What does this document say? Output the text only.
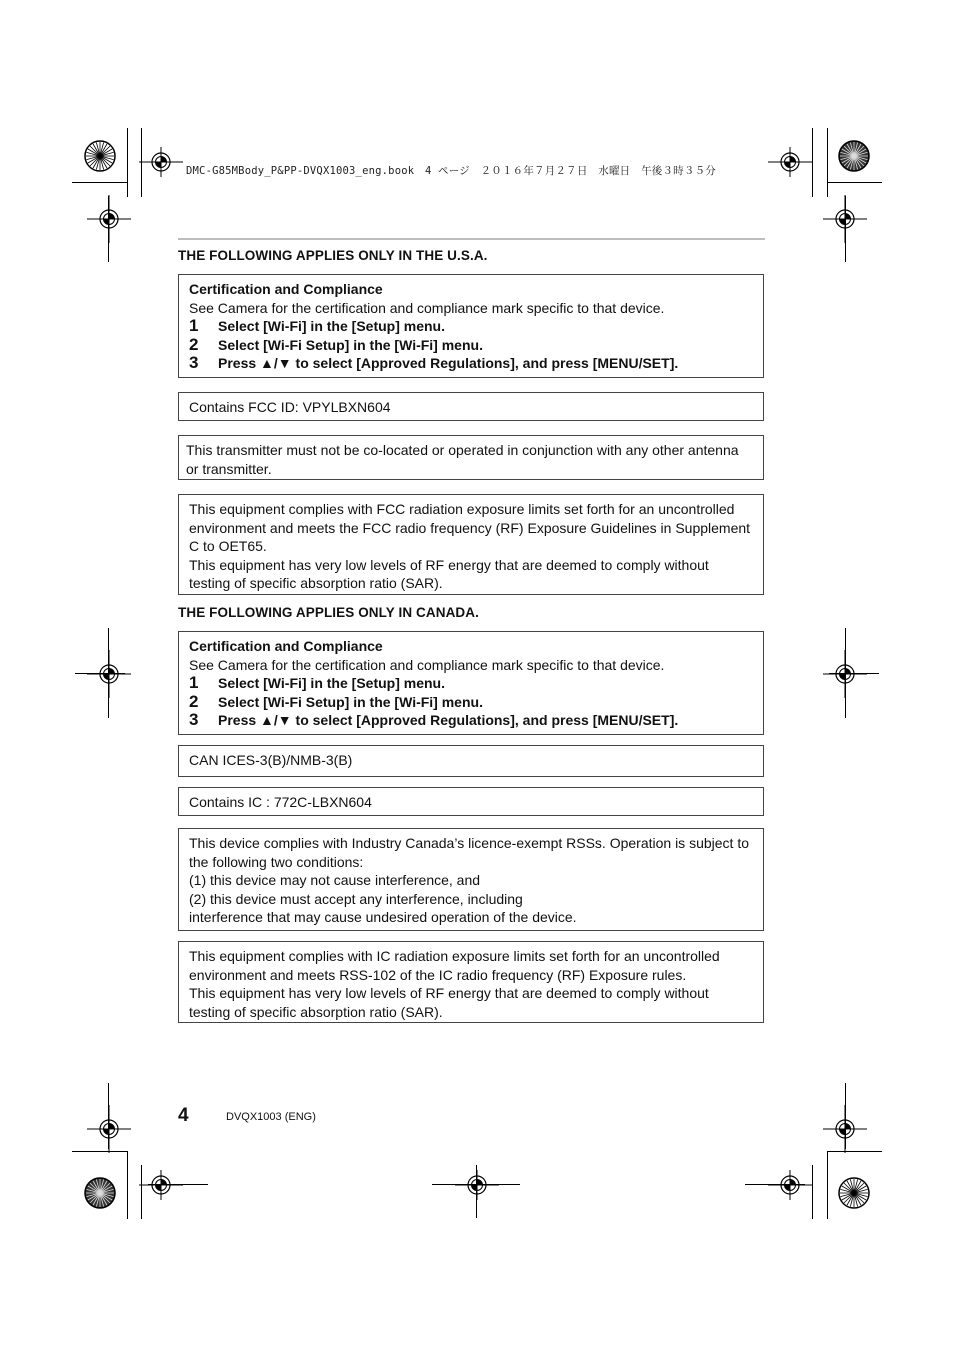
DMC-G85MBody_P&PP-DVQX1003_eng.book　4 ページ　２０１６年７月２７日　水曜日　午後３時３５分
THE FOLLOWING APPLIES ONLY IN THE U.S.A.
Certification and Compliance
See Camera for the certification and compliance mark specific to that device.
1	Select [Wi-Fi] in the [Setup] menu.
2	Select [Wi-Fi Setup] in the [Wi-Fi] menu.
3	Press ▲/▼ to select [Approved Regulations], and press [MENU/SET].
Contains FCC ID: VPYLBXN604
This transmitter must not be co-located or operated in conjunction with any other antenna or transmitter.

This equipment complies with FCC radiation exposure limits set forth for an uncontrolled environment and meets the FCC radio frequency (RF) Exposure Guidelines in Supplement C to OET65.

This equipment has very low levels of RF energy that are deemed to comply without testing of specific absorption ratio (SAR).

THE FOLLOWING APPLIES ONLY IN CANADA.
Certification and Compliance
See Camera for the certification and compliance mark specific to that device.
1	Select [Wi-Fi] in the [Setup] menu.
2	Select [Wi-Fi Setup] in the [Wi-Fi] menu.
3	Press ▲/▼ to select [Approved Regulations], and press [MENU/SET].
CAN ICES-3(B)/NMB-3(B)
Contains IC : 772C-LBXN604
This device complies with Industry Canada’s licence-exempt RSSs. Operation is subject to the following two conditions:
(1) this device may not cause interference, and
(2) this device must accept any interference, including
interference that may cause undesired operation of the device.

This equipment complies with IC radiation exposure limits set forth for an uncontrolled environment and meets RSS-102 of the IC radio frequency (RF) Exposure rules.

This equipment has very low levels of RF energy that are deemed to comply without testing of specific absorption ratio (SAR).

4	DVQX1003 (ENG)
